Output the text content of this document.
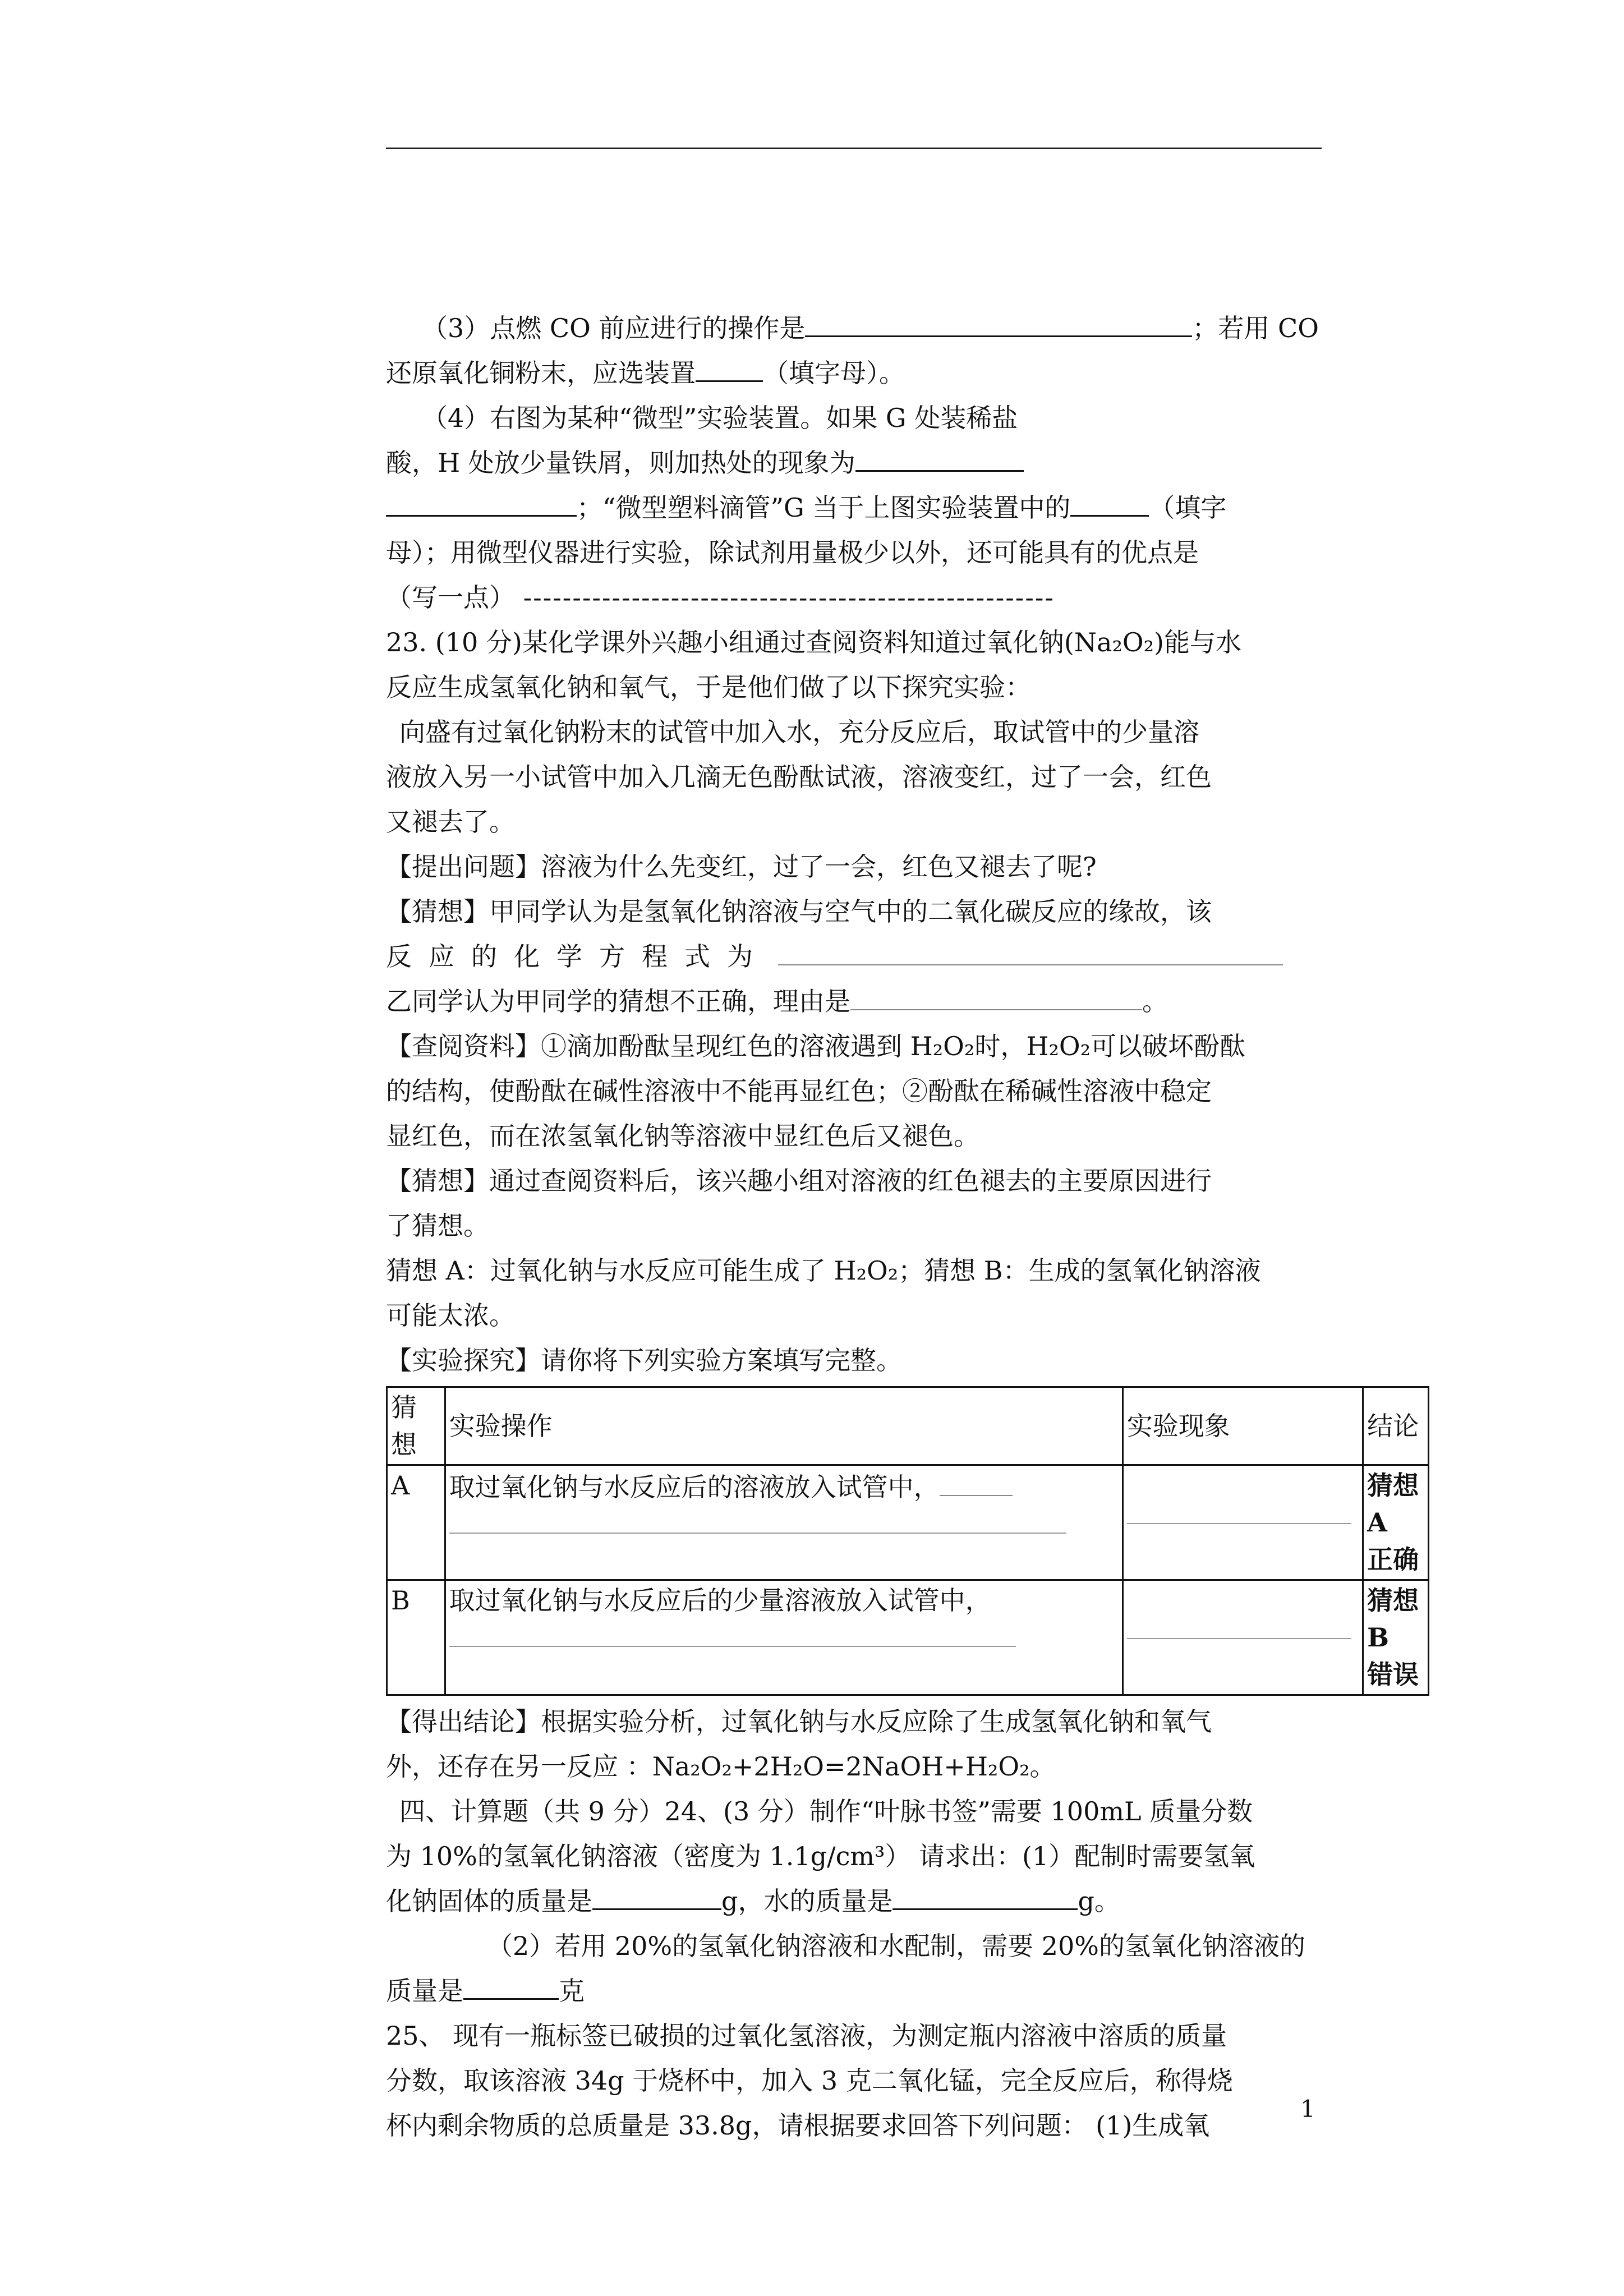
（3）点燃 CO 前应进行的操作是	；若用 CO
还原氧化铜粉末，应选装置	（填字母）。
（4）右图为某种“微型”实验装置。如果 G 处装稀盐
酸，H 处放少量铁屑，则加热处的现象为
；“微型塑料滴管”G 当于上图实验装置中的	（填字
母）；用微型仪器进行实验，除试剂用量极少以外，还可能具有的优点是
（写一点） ------------------------------------------------------
23. (10 分)某化学课外兴趣小组通过查阅资料知道过氧化钠(Na₂O₂)能与水
反应生成氢氧化钠和氧气，于是他们做了以下探究实验：
向盛有过氧化钠粉末的试管中加入水，充分反应后，取试管中的少量溶
液放入另一小试管中加入几滴无色酚酞试液，溶液变红，过了一会，红色
又褪去了。
【提出问题】溶液为什么先变红，过了一会，红色又褪去了呢?
【猜想】甲同学认为是氢氧化钠溶液与空气中的二氧化碳反应的缘故，该
反应的化学方程式为
乙同学认为甲同学的猜想不正确，理由是	。
【查阅资料】①滴加酚酞呈现红色的溶液遇到 H₂O₂时，H₂O₂可以破坏酚酞
的结构，使酚酞在碱性溶液中不能再显红色；②酚酞在稀碱性溶液中稳定
显红色，而在浓氢氧化钠等溶液中显红色后又褪色。
【猜想】通过查阅资料后，该兴趣小组对溶液的红色褪去的主要原因进行
了猜想。
猜想 A：过氧化钠与水反应可能生成了 H₂O₂；猜想 B：生成的氢氧化钠溶液
可能太浓。
【实验探究】请你将下列实验方案填写完整。
猜想	实验操作	实验现象	结论
A	取过氧化钠与水反应后的溶液放入试管中，		猜想A
正确
B	取过氧化钠与水反应后的少量溶液放入试管中，		猜想B
错误
【得出结论】根据实验分析，过氧化钠与水反应除了生成氢氧化钠和氧气
外，还存在另一反应 ：Na₂O₂+2H₂O=2NaOH+H₂O₂。
四、计算题（共 9 分）24、(3 分）制作“叶脉书签”需要 100mL 质量分数
为 10%的氢氧化钠溶液（密度为 1.1g/cm³） 请求出：(1）配制时需要氢氧
化钠固体的质量是	g，水的质量是	g。
（2）若用 20%的氢氧化钠溶液和水配制，需要 20%的氢氧化钠溶液的
质量是	克
25、 现有一瓶标签已破损的过氧化氢溶液，为测定瓶内溶液中溶质的质量
分数，取该溶液 34g 于烧杯中，加入 3 克二氧化锰，完全反应后，称得烧
杯内剩余物质的总质量是 33.8g，请根据要求回答下列问题： (1)生成氧
1
